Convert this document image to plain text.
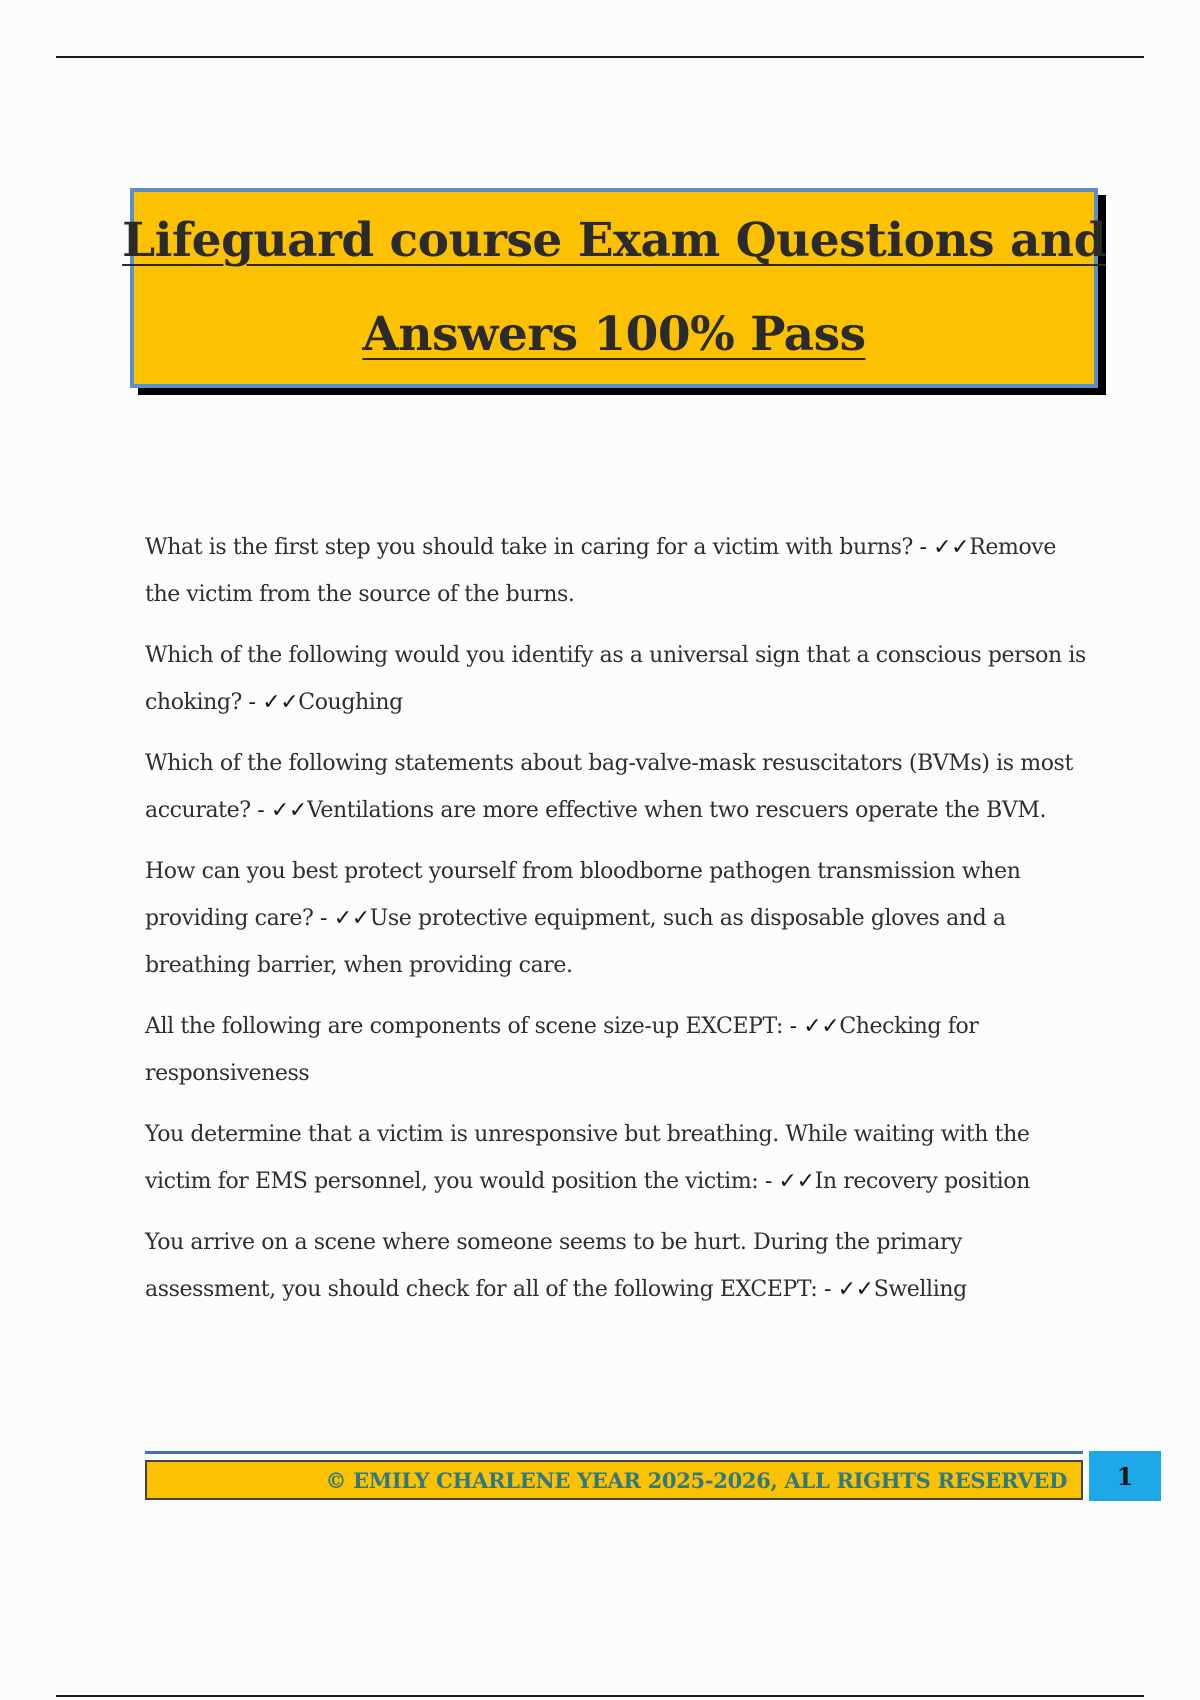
Lifeguard course Exam Questions and
Answers 100% Pass

What is the first step you should take in caring for a victim with burns? - ✓✓Remove the victim from the source of the burns.

Which of the following would you identify as a universal sign that a conscious person is choking? - ✓✓Coughing

Which of the following statements about bag-valve-mask resuscitators (BVMs) is most accurate? - ✓✓Ventilations are more effective when two rescuers operate the BVM.

How can you best protect yourself from bloodborne pathogen transmission when providing care? - ✓✓Use protective equipment, such as disposable gloves and a breathing barrier, when providing care.

All the following are components of scene size-up EXCEPT: - ✓✓Checking for responsiveness

You determine that a victim is unresponsive but breathing. While waiting with the victim for EMS personnel, you would position the victim: - ✓✓In recovery position

You arrive on a scene where someone seems to be hurt. During the primary assessment, you should check for all of the following EXCEPT: - ✓✓Swelling

© EMILY CHARLENE YEAR 2025-2026, ALL RIGHTS RESERVED	1
